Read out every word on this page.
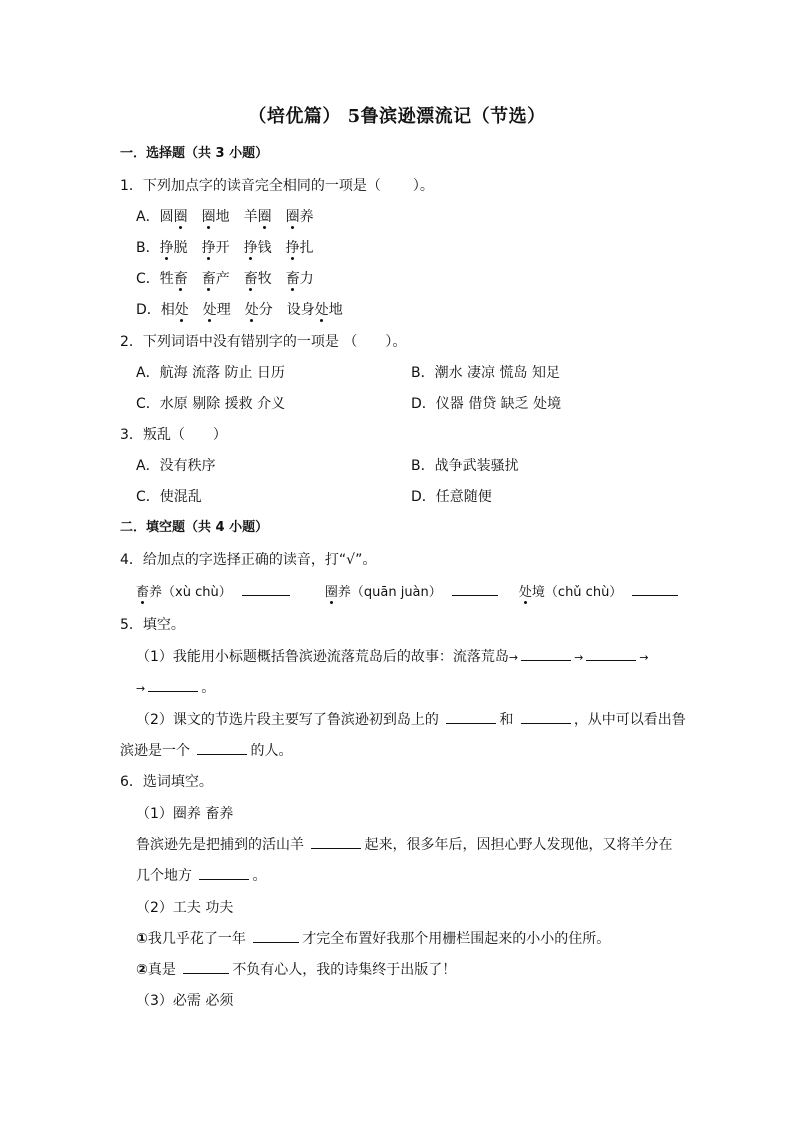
（培优篇） 5鲁滨逊漂流记（节选）
一．选择题（共 3 小题）
1．下列加点字的读音完全相同的一项是（ ）。
A．圆圈　 圈地　羊圈　 圈养
B．挣脱　挣开　挣钱　挣扎
C．牲畜　 畜产　畜牧　畜力
D．相处　 处理　处分　设身处地
2．下列词语中没有错别字的一项是 （ ）。
A．航海 流落 防止 日历	B．潮水 凄凉 慌岛 知足
C．水原 剔除 援救 介义	D．仪器 借贷 缺乏 处境
3．叛乱（ ）
A．没有秩序	B．战争武装骚扰
C．使混乱	D．任意随便
二．填空题（共 4 小题）
4．给加点的字选择正确的读音，打“√”。
畜养（xù chù）	圈养（quān juàn）	处境（chǔ chù）
5．填空。
（1）我能用小标题概括鲁滨逊流落荒岛后的故事：流落荒岛→	→	→
→	。
（2）课文的节选片段主要写了鲁滨逊初到岛上的	和	，从中可以看出鲁
滨逊是一个	的人。
6．选词填空。
（1）圈养 畜养
鲁滨逊先是把捕到的活山羊	起来，很多年后，因担心野人发现他，又将羊分在
几个地方	。
（2）工夫 功夫
①我几乎花了一年	才完全布置好我那个用栅栏围起来的小小的住所。
②真是	不负有心人，我的诗集终于出版了！
（3）必需 必须
